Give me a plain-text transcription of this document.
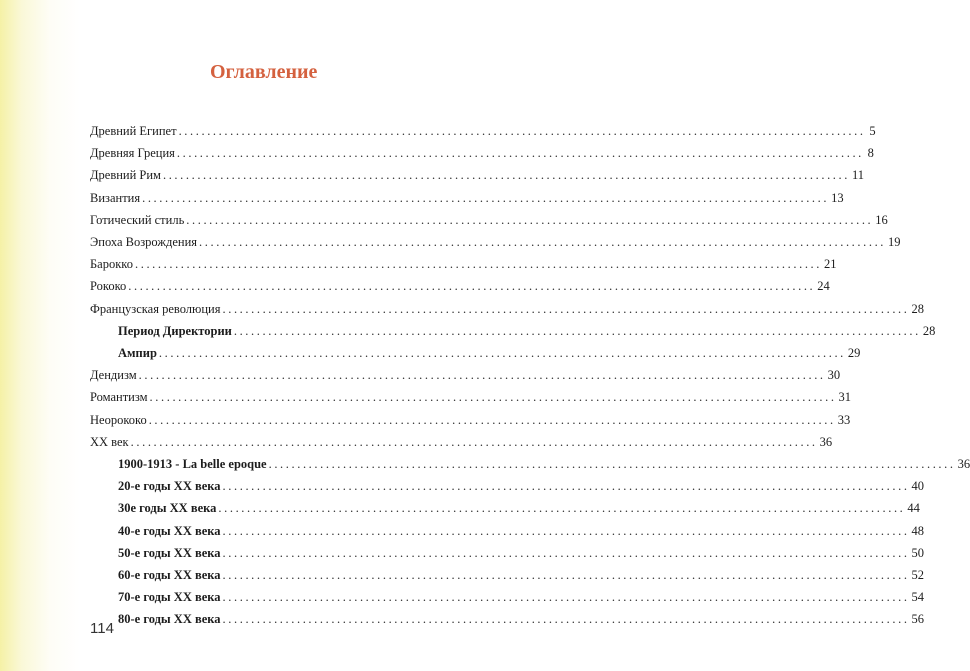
Оглавление
Древний Египет ........................................................................................................................ 5
Древняя Греция ........................................................................................................................ 8
Древний Рим ........................................................................................................................ 11
Византия ........................................................................................................................ 13
Готический стиль ........................................................................................................................ 16
Эпоха Возрождения ........................................................................................................................ 19
Барокко ........................................................................................................................ 21
Рококо ........................................................................................................................ 24
Французская революция ........................................................................................................................ 28
Период Директории ........................................................................................................................ 28
Ампир ........................................................................................................................ 29
Дендизм ........................................................................................................................ 30
Романтизм ........................................................................................................................ 31
Неорококо ........................................................................................................................ 33
XX век ........................................................................................................................ 36
1900-1913 - La belle epoque ........................................................................................................................ 36
20-е годы XX века ........................................................................................................................ 40
30е годы XX века ........................................................................................................................ 44
40-е годы XX века ........................................................................................................................ 48
50-е годы XX века ........................................................................................................................ 50
60-е годы XX века ........................................................................................................................ 52
70-е годы XX века ........................................................................................................................ 54
80-е годы XX века ........................................................................................................................ 56
114
